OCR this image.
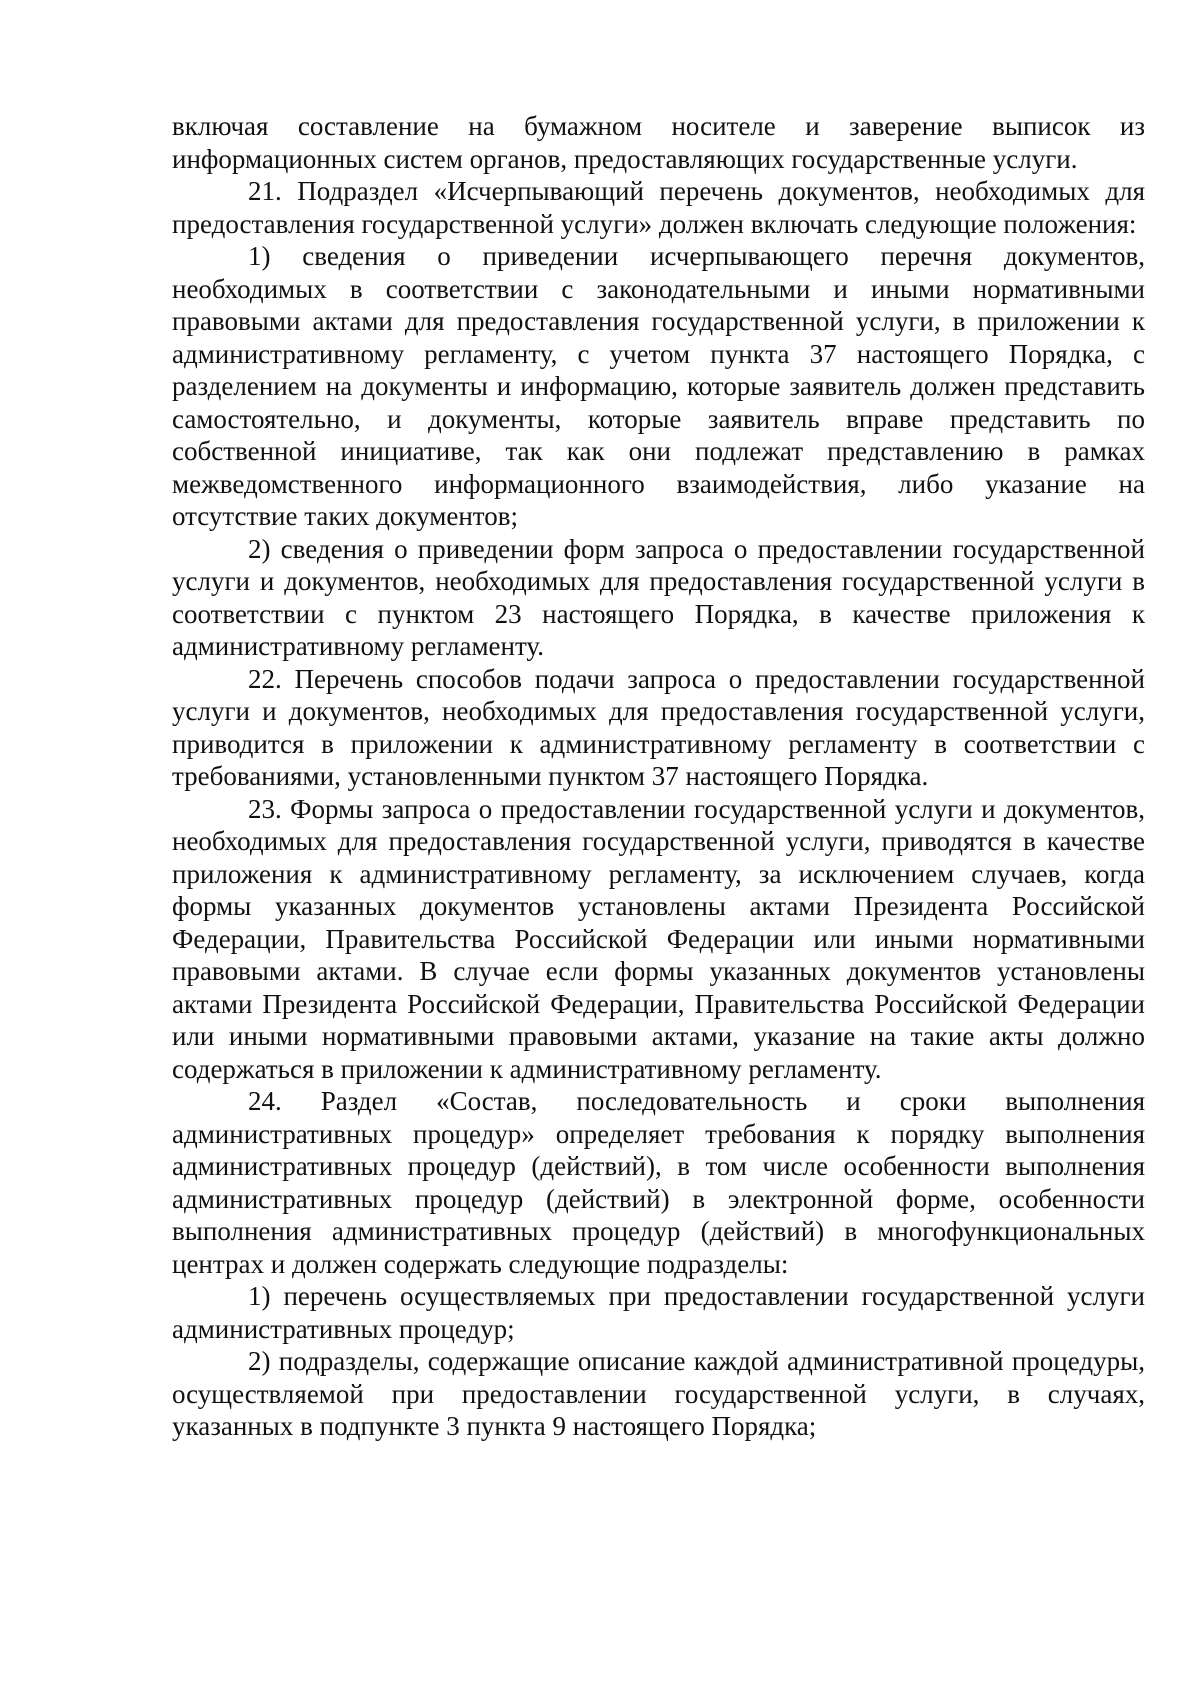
включая составление на бумажном носителе и заверение выписок из информационных систем органов, предоставляющих государственные услуги.

21. Подраздел «Исчерпывающий перечень документов, необходимых для предоставления государственной услуги» должен включать следующие положения:

1) сведения о приведении исчерпывающего перечня документов, необходимых в соответствии с законодательными и иными нормативными правовыми актами для предоставления государственной услуги, в приложении к административному регламенту, с учетом пункта 37 настоящего Порядка, с разделением на документы и информацию, которые заявитель должен представить самостоятельно, и документы, которые заявитель вправе представить по собственной инициативе, так как они подлежат представлению в рамках межведомственного информационного взаимодействия, либо указание на отсутствие таких документов;

2) сведения о приведении форм запроса о предоставлении государственной услуги и документов, необходимых для предоставления государственной услуги в соответствии с пунктом 23 настоящего Порядка, в качестве приложения к административному регламенту.

22. Перечень способов подачи запроса о предоставлении государственной услуги и документов, необходимых для предоставления государственной услуги, приводится в приложении к административному регламенту в соответствии с требованиями, установленными пунктом 37 настоящего Порядка.

23. Формы запроса о предоставлении государственной услуги и документов, необходимых для предоставления государственной услуги, приводятся в качестве приложения к административному регламенту, за исключением случаев, когда формы указанных документов установлены актами Президента Российской Федерации, Правительства Российской Федерации или иными нормативными правовыми актами. В случае если формы указанных документов установлены актами Президента Российской Федерации, Правительства Российской Федерации или иными нормативными правовыми актами, указание на такие акты должно содержаться в приложении к административному регламенту.

24. Раздел «Состав, последовательность и сроки выполнения административных процедур» определяет требования к порядку выполнения административных процедур (действий), в том числе особенности выполнения административных процедур (действий) в электронной форме, особенности выполнения административных процедур (действий) в многофункциональных центрах и должен содержать следующие подразделы:

1) перечень осуществляемых при предоставлении государственной услуги административных процедур;

2) подразделы, содержащие описание каждой административной процедуры, осуществляемой при предоставлении государственной услуги, в случаях, указанных в подпункте 3 пункта 9 настоящего Порядка;
